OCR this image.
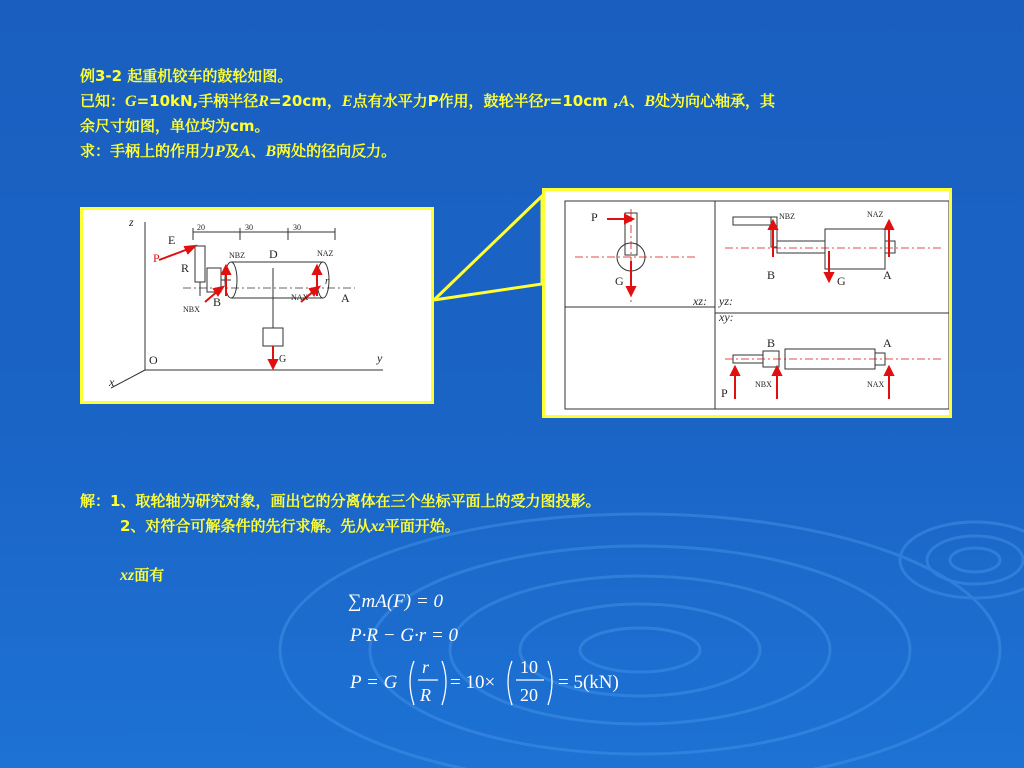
例3-2 起重机铰车的鼓轮如图。
已知：G=10kN,手柄半径R=20cm，E点有水平力P作用，鼓轮半径r=10cm ,A、B处为向心轴承，其
余尺寸如图，单位均为cm。
求：手柄上的作用力P及A、B两处的径向反力。
z
y
x
O
E
P
R
D
B	A
r
G
20	30	30
NBZ
NBX
NAZ
NAX
P
G	B	G	A
B	A
P
xz: yz:
xy:
NBZ	NAZ
NBX	NAX
解：1、取轮轴为研究对象，画出它的分离体在三个坐标平面上的受力图投影。
2、对符合可解条件的先行求解。先从xz平面开始。
xz面有
∑mA(F) = 0
P·R − G·r = 0
P = G
r
R
= 10×
10
20
= 5(kN)
